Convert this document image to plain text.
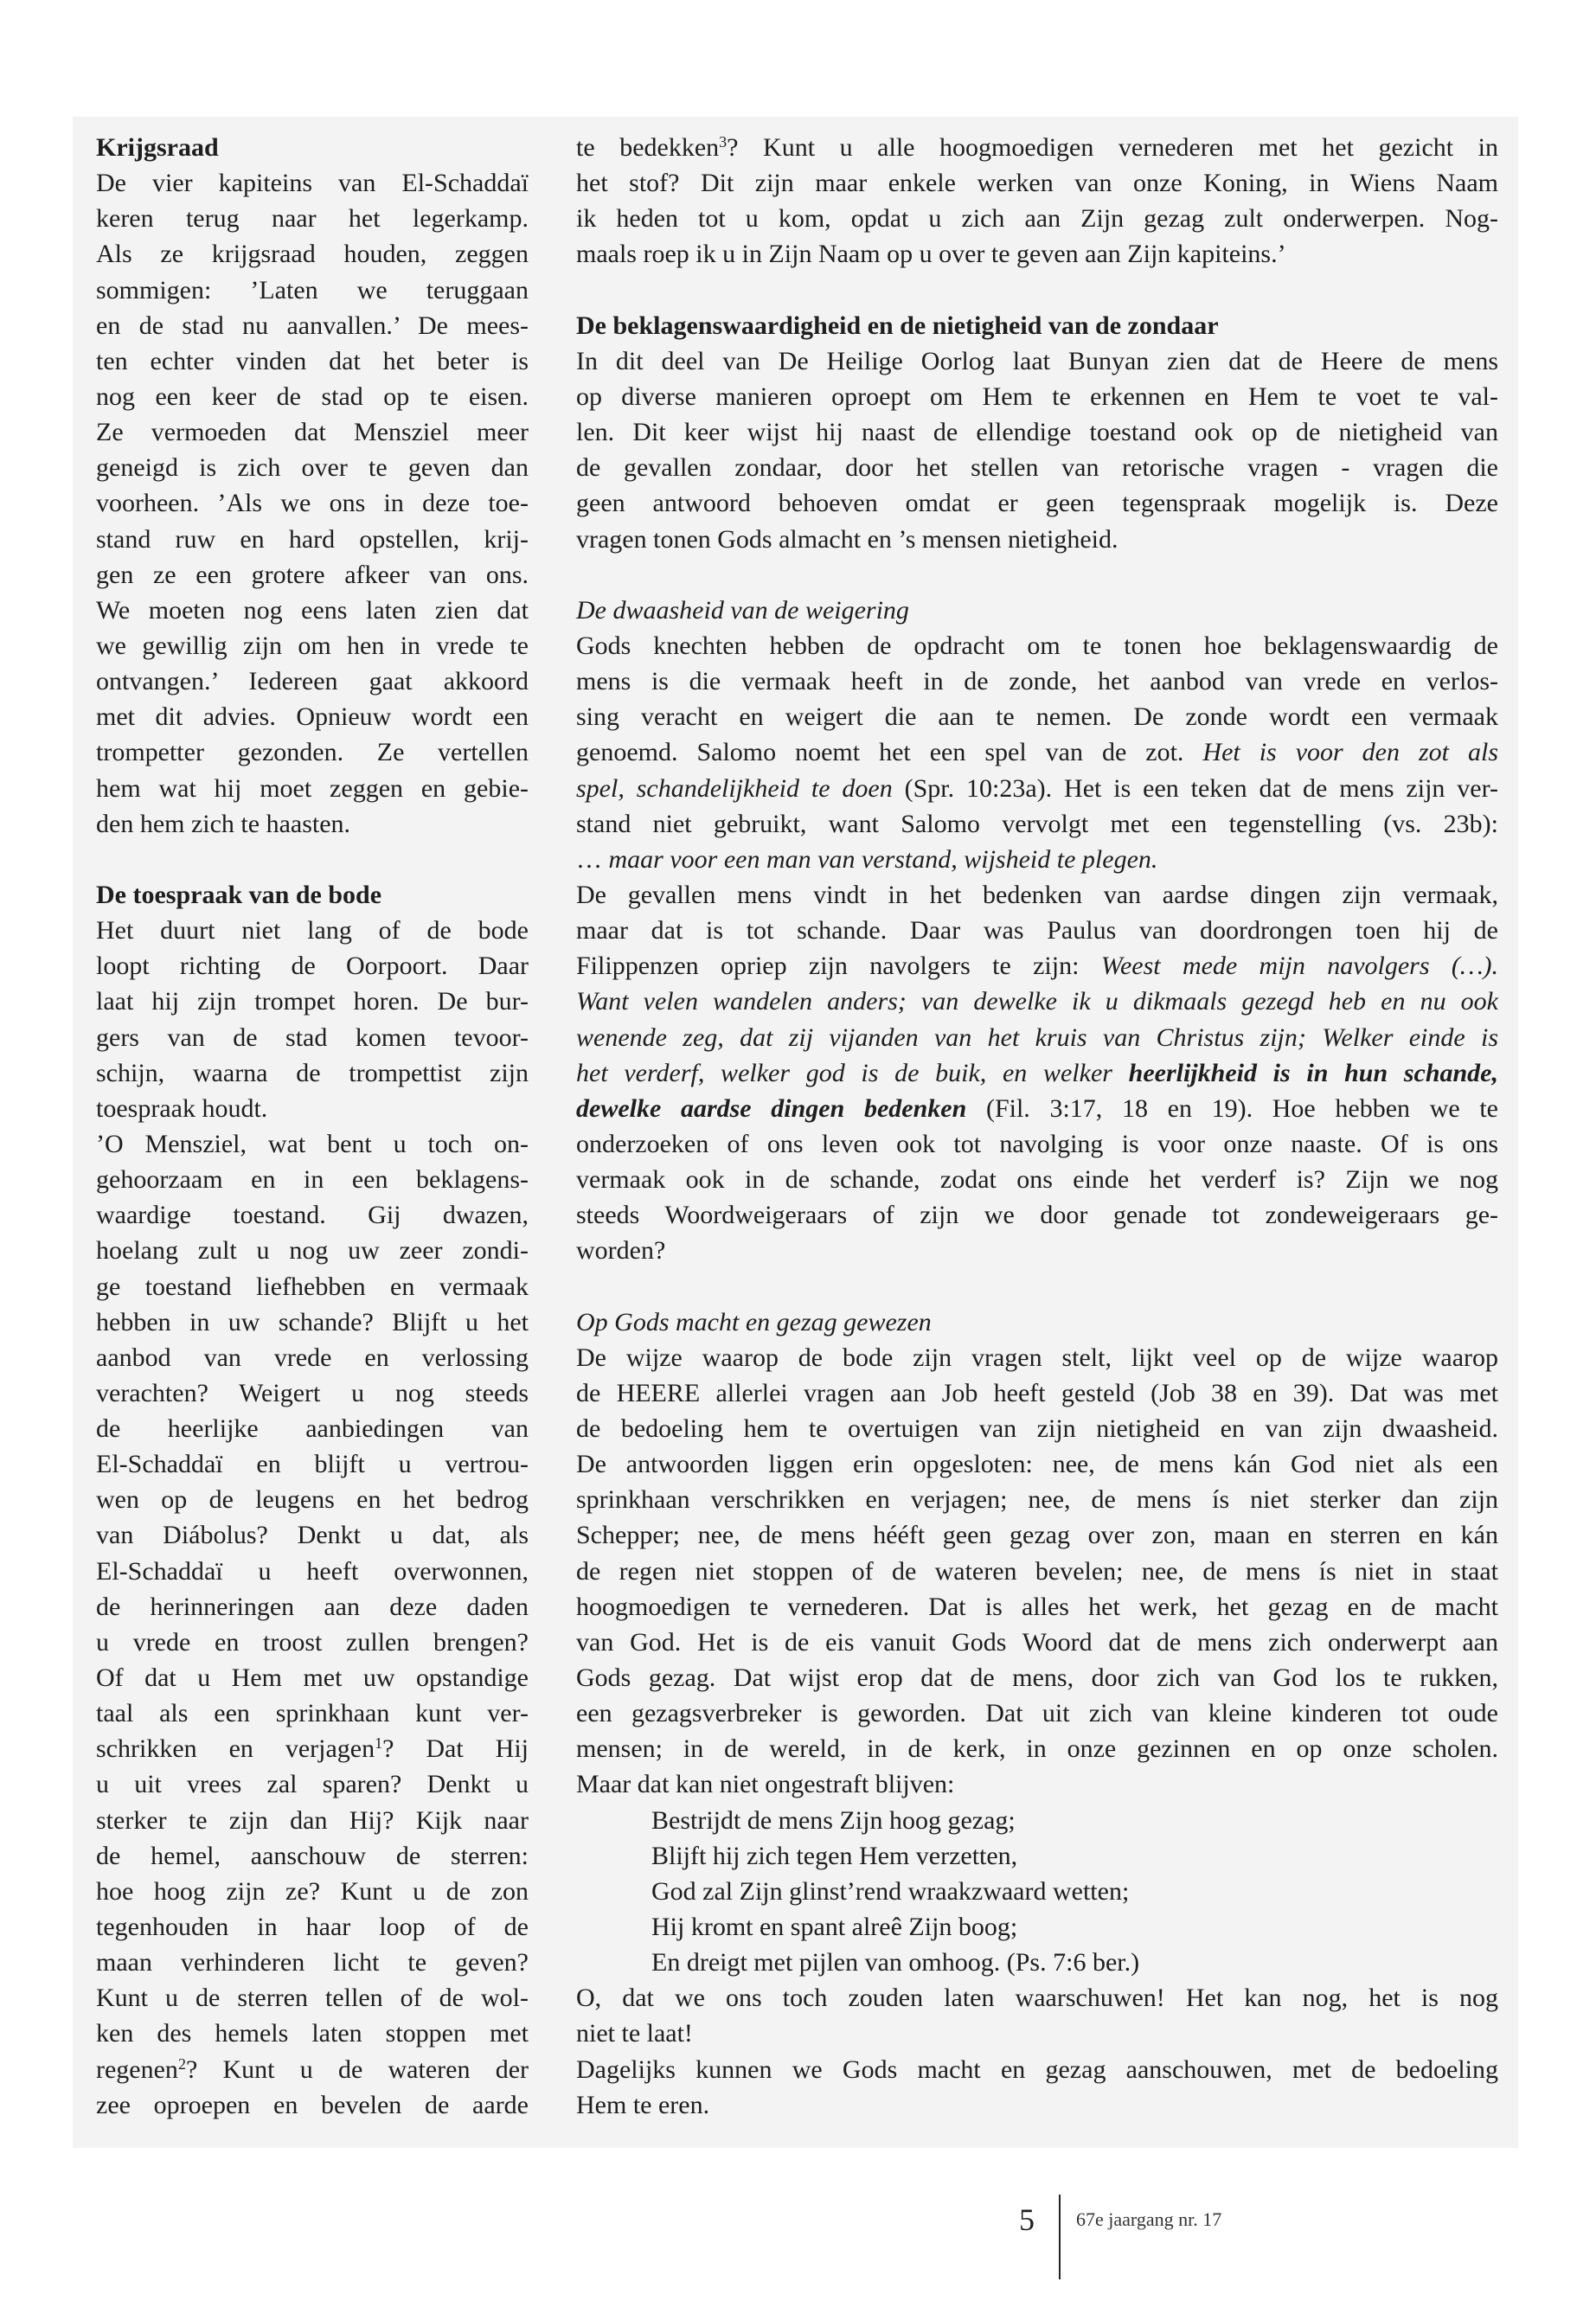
Krijgsraad
De vier kapiteins van El-Schaddaï
keren terug naar het legerkamp.
Als ze krijgsraad houden, zeggen
sommigen: ’Laten we teruggaan
en de stad nu aanvallen.’ De mees-
ten echter vinden dat het beter is
nog een keer de stad op te eisen.
Ze vermoeden dat Mensziel meer
geneigd is zich over te geven dan
voorheen. ’Als we ons in deze toe-
stand ruw en hard opstellen, krij-
gen ze een grotere afkeer van ons.
We moeten nog eens laten zien dat
we gewillig zijn om hen in vrede te
ontvangen.’ Iedereen gaat akkoord
met dit advies. Opnieuw wordt een
trompetter gezonden. Ze vertellen
hem wat hij moet zeggen en gebie-
den hem zich te haasten.

De toespraak van de bode
Het duurt niet lang of de bode
loopt richting de Oorpoort. Daar
laat hij zijn trompet horen. De bur-
gers van de stad komen tevoor-
schijn, waarna de trompettist zijn
toespraak houdt.
’O Mensziel, wat bent u toch on-
gehoorzaam en in een beklagens-
waardige toestand. Gij dwazen,
hoelang zult u nog uw zeer zondi-
ge toestand liefhebben en vermaak
hebben in uw schande? Blijft u het
aanbod van vrede en verlossing
verachten? Weigert u nog steeds
de heerlijke aanbiedingen van
El-Schaddaï en blijft u vertrou-
wen op de leugens en het bedrog
van Diábolus? Denkt u dat, als
El-Schaddaï u heeft overwonnen,
de herinneringen aan deze daden
u vrede en troost zullen brengen?
Of dat u Hem met uw opstandige
taal als een sprinkhaan kunt ver-
schrikken en verjagen$^1$? Dat Hij
u uit vrees zal sparen? Denkt u
sterker te zijn dan Hij? Kijk naar
de hemel, aanschouw de sterren:
hoe hoog zijn ze? Kunt u de zon
tegenhouden in haar loop of de
maan verhinderen licht te geven?
Kunt u de sterren tellen of de wol-
ken des hemels laten stoppen met
regenen$^2$? Kunt u de wateren der
zee oproepen en bevelen de aarde
te bedekken$^3$? Kunt u alle hoogmoedigen vernederen met het gezicht in
het stof? Dit zijn maar enkele werken van onze Koning, in Wiens Naam
ik heden tot u kom, opdat u zich aan Zijn gezag zult onderwerpen. Nog-
maals roep ik u in Zijn Naam op u over te geven aan Zijn kapiteins.’

De beklagenswaardigheid en de nietigheid van de zondaar
In dit deel van De Heilige Oorlog laat Bunyan zien dat de Heere de mens
op diverse manieren oproept om Hem te erkennen en Hem te voet te val-
len. Dit keer wijst hij naast de ellendige toestand ook op de nietigheid van
de gevallen zondaar, door het stellen van retorische vragen - vragen die
geen antwoord behoeven omdat er geen tegenspraak mogelijk is. Deze
vragen tonen Gods almacht en ’s mensen nietigheid.

De dwaasheid van de weigering
Gods knechten hebben de opdracht om te tonen hoe beklagenswaardig de
mens is die vermaak heeft in de zonde, het aanbod van vrede en verlos-
sing veracht en weigert die aan te nemen. De zonde wordt een vermaak
genoemd. Salomo noemt het een spel van de zot. Het is voor den zot als
spel, schandelijkheid te doen (Spr. 10:23a). Het is een teken dat de mens zijn ver-
stand niet gebruikt, want Salomo vervolgt met een tegenstelling (vs. 23b):
… maar voor een man van verstand, wijsheid te plegen.
De gevallen mens vindt in het bedenken van aardse dingen zijn vermaak,
maar dat is tot schande. Daar was Paulus van doordrongen toen hij de
Filippenzen opriep zijn navolgers te zijn: Weest mede mijn navolgers (…).
Want velen wandelen anders; van dewelke ik u dikmaals gezegd heb en nu ook
wenende zeg, dat zij vijanden van het kruis van Christus zijn; Welker einde is
het verderf, welker god is de buik, en welker heerlijkheid is in hun schande,
dewelke aardse dingen bedenken (Fil. 3:17, 18 en 19). Hoe hebben we te
onderzoeken of ons leven ook tot navolging is voor onze naaste. Of is ons
vermaak ook in de schande, zodat ons einde het verderf is? Zijn we nog
steeds Woordweigeraars of zijn we door genade tot zondeweigeraars ge-
worden?

Op Gods macht en gezag gewezen
De wijze waarop de bode zijn vragen stelt, lijkt veel op de wijze waarop
de HEERE allerlei vragen aan Job heeft gesteld (Job 38 en 39). Dat was met
de bedoeling hem te overtuigen van zijn nietigheid en van zijn dwaasheid.
De antwoorden liggen erin opgesloten: nee, de mens kán God niet als een
sprinkhaan verschrikken en verjagen; nee, de mens ís niet sterker dan zijn
Schepper; nee, de mens hééft geen gezag over zon, maan en sterren en kán
de regen niet stoppen of de wateren bevelen; nee, de mens ís niet in staat
hoogmoedigen te vernederen. Dat is alles het werk, het gezag en de macht
van God. Het is de eis vanuit Gods Woord dat de mens zich onderwerpt aan
Gods gezag. Dat wijst erop dat de mens, door zich van God los te rukken,
een gezagsverbreker is geworden. Dat uit zich van kleine kinderen tot oude
mensen; in de wereld, in de kerk, in onze gezinnen en op onze scholen.
Maar dat kan niet ongestraft blijven:
Bestrijdt de mens Zijn hoog gezag;
Blijft hij zich tegen Hem verzetten,
God zal Zijn glinst’rend wraakzwaard wetten;
Hij kromt en spant alreê Zijn boog;
En dreigt met pijlen van omhoog. (Ps. 7:6 ber.)
O, dat we ons toch zouden laten waarschuwen! Het kan nog, het is nog
niet te laat!
Dagelijks kunnen we Gods macht en gezag aanschouwen, met de bedoeling
Hem te eren.
5 67e jaargang nr. 17
